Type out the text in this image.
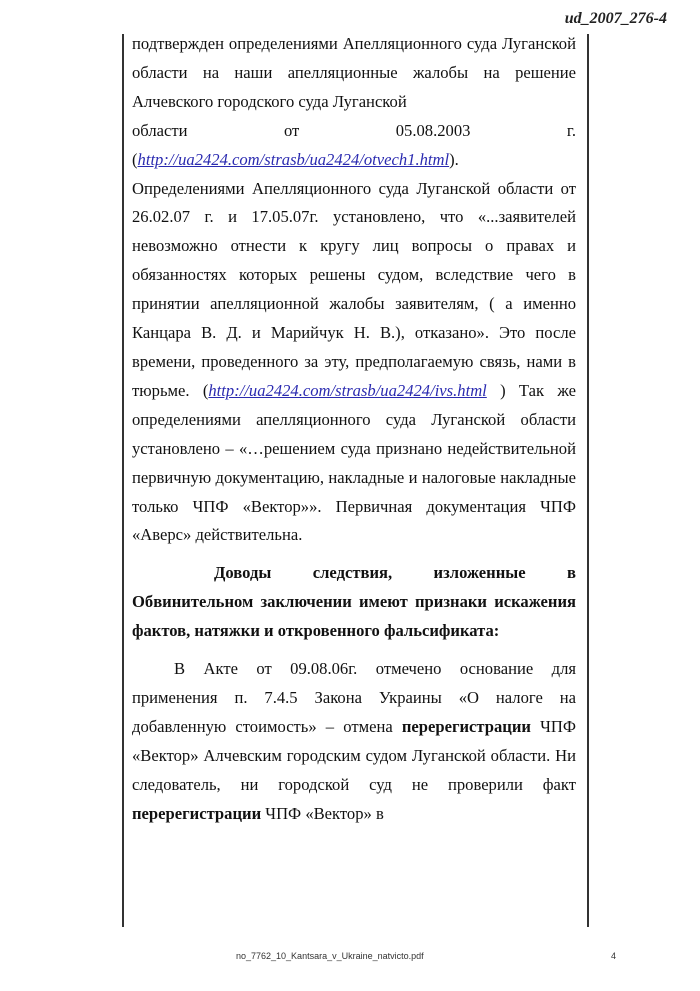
ud_2007_276-4

подтвержден определениями Апелляционного суда Луганской области на наши апелляционные жалобы на решение Алчевского городского суда Луганской
области от 05.08.2003 г.
(http://ua2424.com/strasb/ua2424/otvech1.html).

Определениями Апелляционного суда Луганской области от 26.02.07 г. и 17.05.07г. установлено, что «...заявителей невозможно отнести к кругу лиц вопросы о правах и обязанностях которых решены судом, вследствие чего в принятии апелляционной жалобы заявителям, ( а именно Канцара В. Д. и Марийчук Н. В.), отказано». Это после времени, проведенного за эту, предполагаемую связь, нами в тюрьме. (http://ua2424.com/strasb/ua2424/ivs.html ) Так же определениями апелляционного суда Луганской области установлено – «…решением суда признано недействительной первичную документацию, накладные и налоговые накладные только ЧПФ «Вектор»». Первичная документация ЧПФ «Аверс» действительна.

Доводы следствия, изложенные в Обвинительном заключении имеют признаки искажения фактов, натяжки и откровенного фальсификата:

В Акте от 09.08.06г. отмечено основание для применения п. 7.4.5 Закона Украины «О налоге на добавленную стоимость» – отмена перерегистрации ЧПФ «Вектор» Алчевским городским судом Луганской области. Ни следователь, ни городской суд не проверили факт перерегистрации ЧПФ «Вектор» в

no_7762_10_Kantsara_v_Ukraine_natvicto.pdf	4
